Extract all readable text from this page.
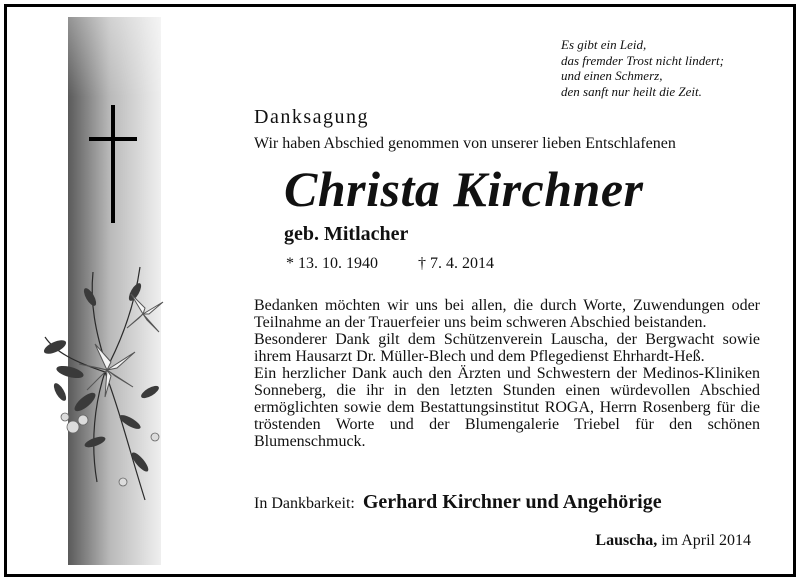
Es gibt ein Leid,
das fremder Trost nicht lindert;
und einen Schmerz,
den sanft nur heilt die Zeit.
Danksagung
Wir haben Abschied genommen von unserer lieben Entschlafenen
Christa Kirchner
geb. Mitlacher
* 13. 10. 1940	† 7. 4. 2014

Bedanken möchten wir uns bei allen, die durch Worte, Zuwendungen oder Teilnahme an der Trauerfeier uns beim schweren Abschied beistanden.

Besonderer Dank gilt dem Schützenverein Lauscha, der Bergwacht sowie ihrem Hausarzt Dr. Müller-Blech und dem Pflegedienst Ehrhardt-Heß.

Ein herzlicher Dank auch den Ärzten und Schwestern der Medinos-Kliniken Sonneberg, die ihr in den letzten Stunden einen würdevollen Abschied ermöglichten sowie dem Bestattungsinstitut ROGA, Herrn Rosenberg für die tröstenden Worte und der Blumengalerie Triebel für den schönen Blumenschmuck.

In Dankbarkeit: Gerhard Kirchner und Angehörige
Lauscha, im April 2014
